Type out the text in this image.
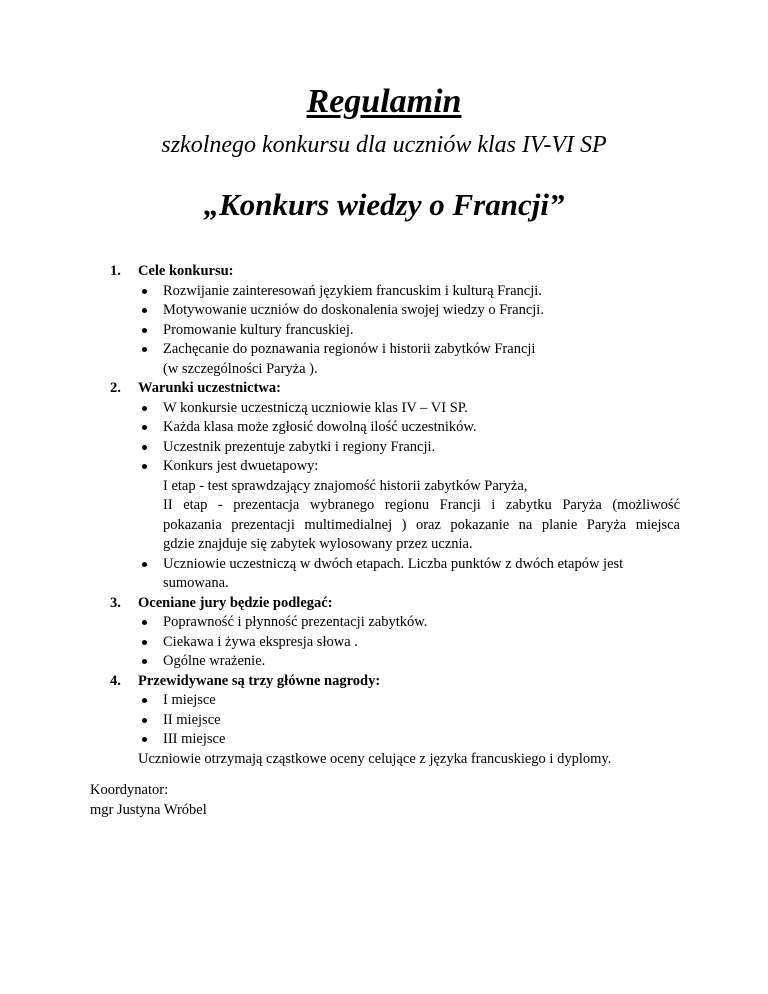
Regulamin
szkolnego konkursu dla uczniów klas IV-VI SP
„Konkurs wiedzy o Francji”
1. Cele konkursu:
Rozwijanie zainteresowań językiem francuskim i kulturą Francji.
Motywowanie uczniów do doskonalenia swojej wiedzy o Francji.
Promowanie kultury francuskiej.
Zachęcanie do poznawania regionów i historii zabytków Francji
(w szczególności Paryża ).
2. Warunki uczestnictwa:
W konkursie uczestniczą uczniowie klas IV – VI SP.
Każda klasa może zgłosić dowolną ilość uczestników.
Uczestnik prezentuje zabytki i regiony Francji.
Konkurs jest dwuetapowy:
I etap - test sprawdzający znajomość historii zabytków Paryża,
II etap - prezentacja wybranego regionu Francji i zabytku Paryża (możliwość
pokazania prezentacji multimedialnej ) oraz pokazanie na planie Paryża miejsca
gdzie znajduje się zabytek wylosowany przez ucznia.
Uczniowie uczestniczą w dwóch etapach. Liczba punktów z dwóch etapów jest
sumowana.
3. Oceniane jury będzie podlegać:
Poprawność i płynność prezentacji zabytków.
Ciekawa i żywa ekspresja słowa .
Ogólne wrażenie.
4. Przewidywane są trzy główne nagrody:
I miejsce
II miejsce
III miejsce
Uczniowie otrzymają cząstkowe oceny celujące z języka francuskiego i dyplomy.
Koordynator:
mgr Justyna Wróbel
